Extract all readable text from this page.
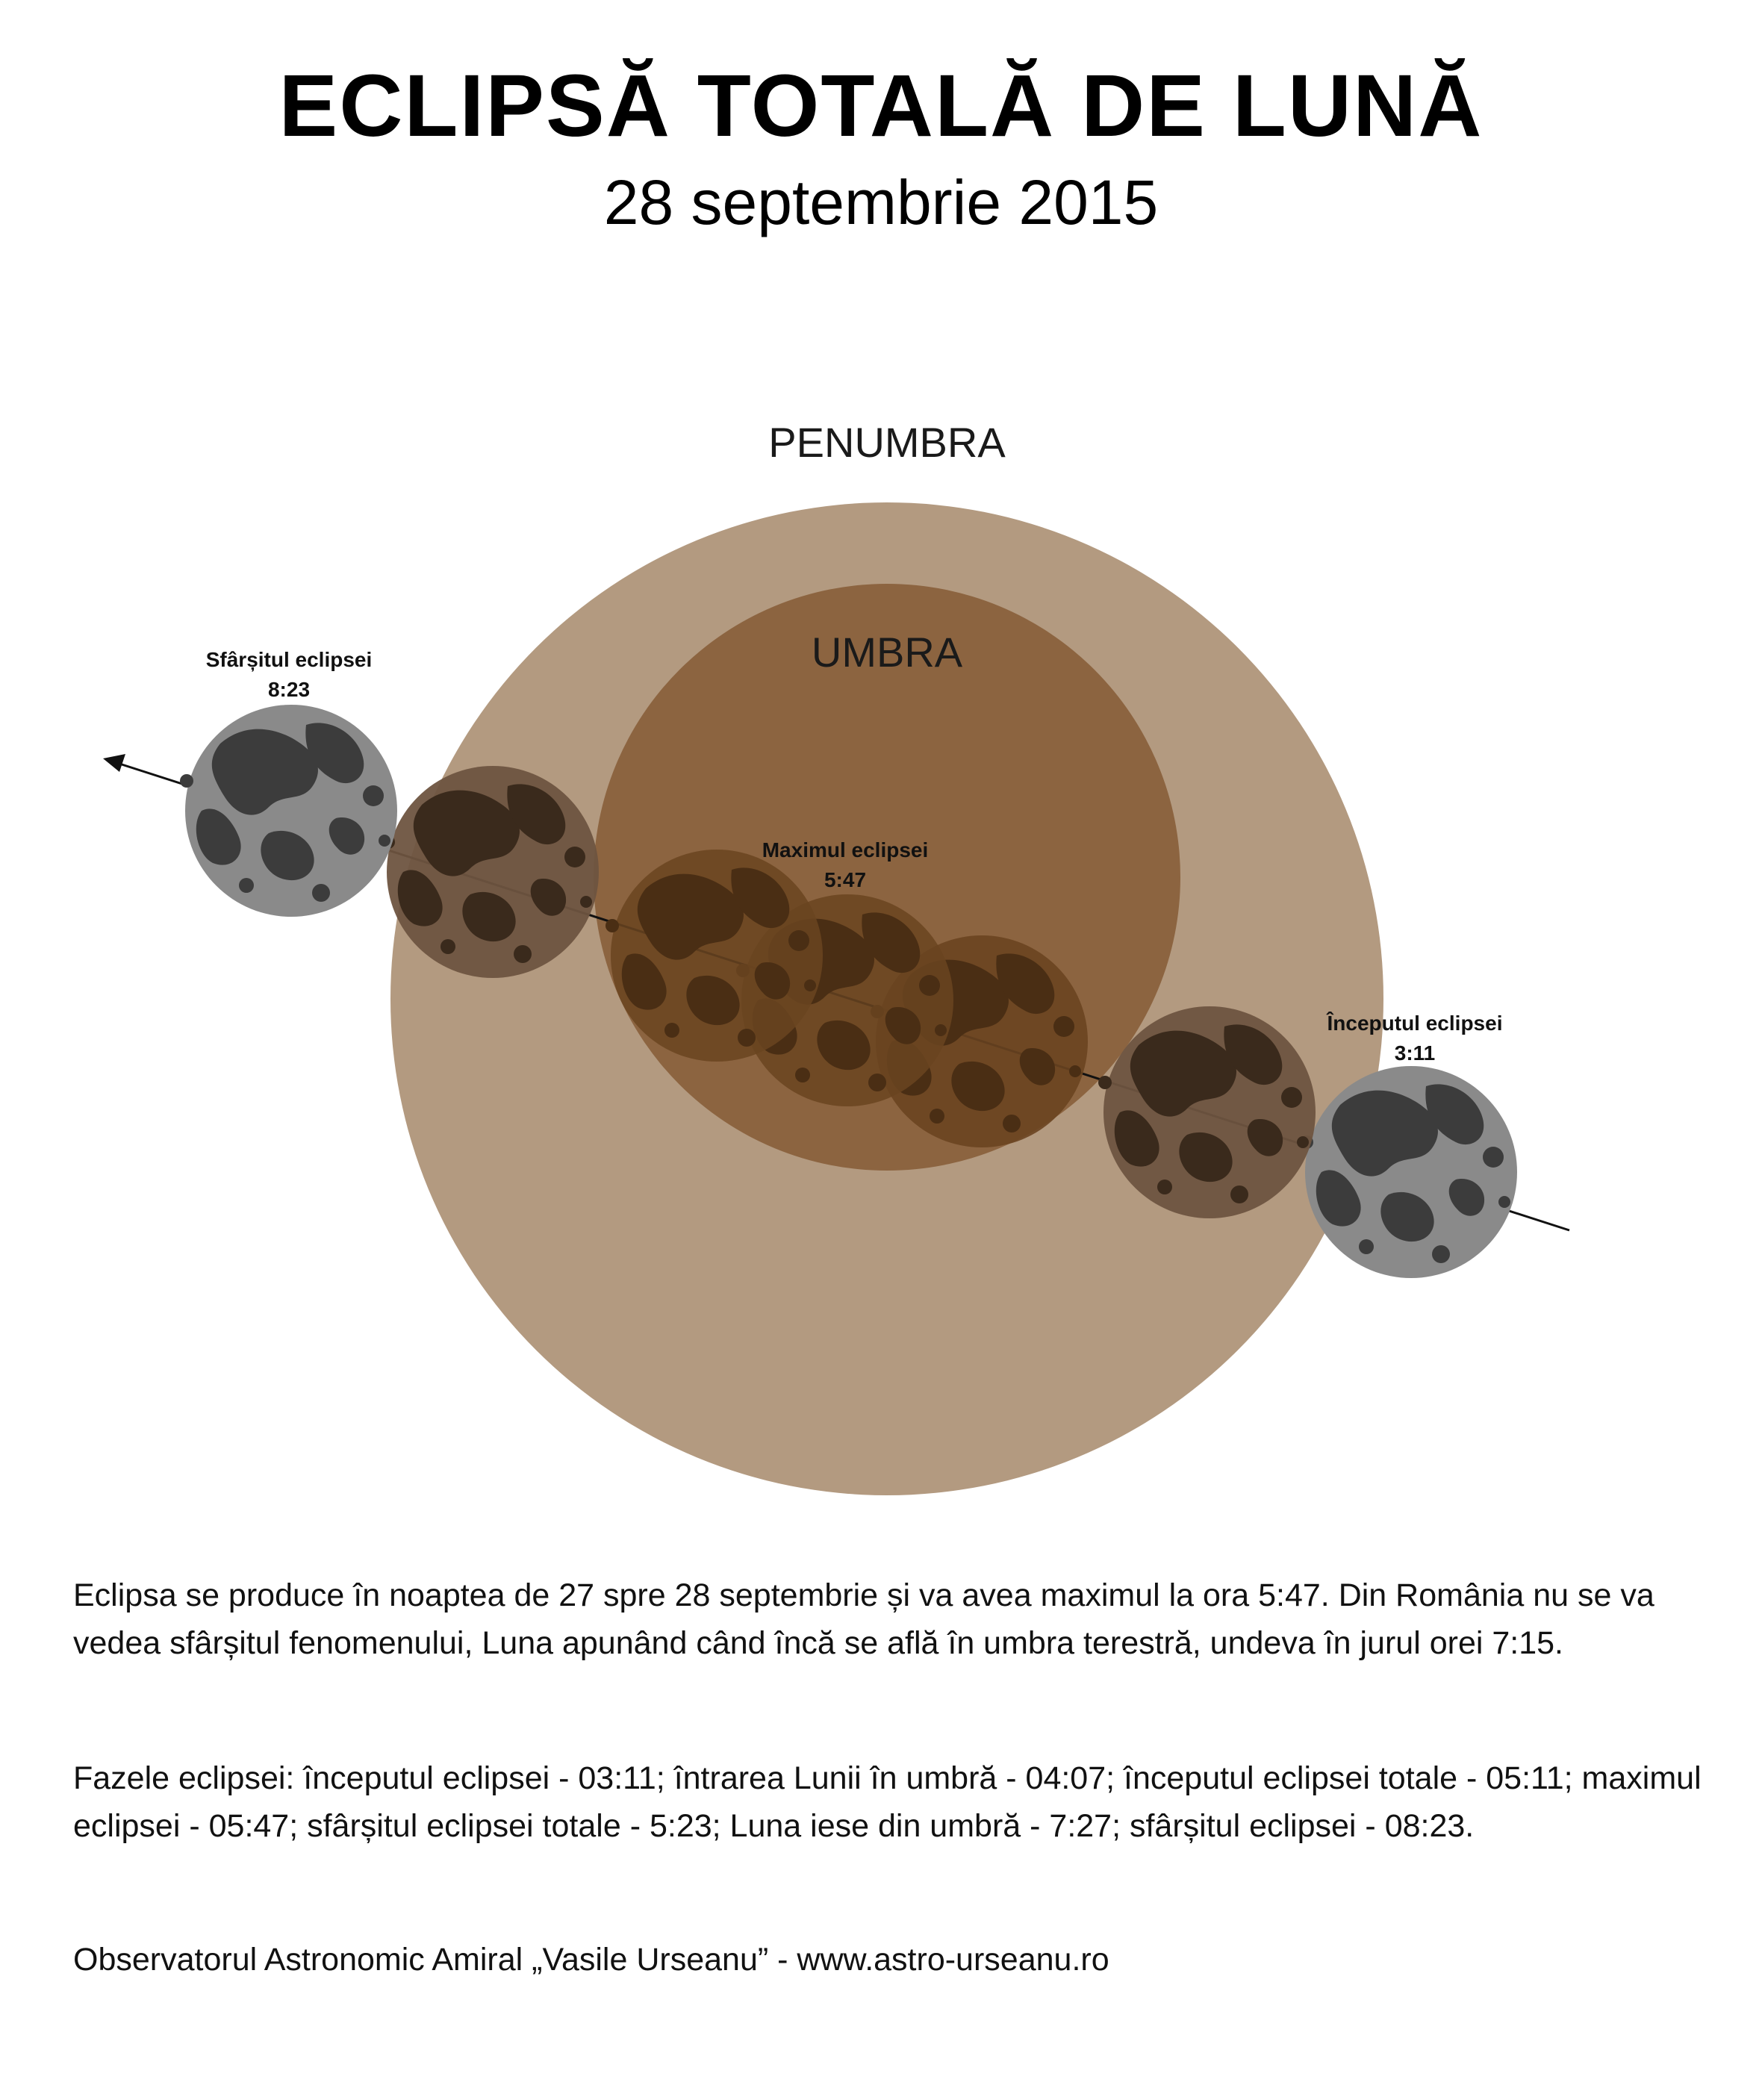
ECLIPSĂ TOTALĂ DE LUNĂ
28 septembrie 2015
PENUMBRA
UMBRA
Sfârșitul eclipsei
8:23
Maximul eclipsei
5:47
Începutul eclipsei
3:11
Eclipsa se produce în noaptea de 27 spre 28 septembrie și va avea maximul la ora 5:47. Din România nu se va vedea sfârșitul fenomenului, Luna apunând când încă se află în umbra terestră, undeva în jurul orei 7:15.
Fazele eclipsei: începutul eclipsei - 03:11; întrarea Lunii în umbră - 04:07; începutul eclipsei totale - 05:11; maximul eclipsei - 05:47; sfârșitul eclipsei totale - 5:23; Luna iese din umbră - 7:27; sfârșitul eclipsei - 08:23.
Observatorul Astronomic Amiral „Vasile Urseanu” - www.astro-urseanu.ro
